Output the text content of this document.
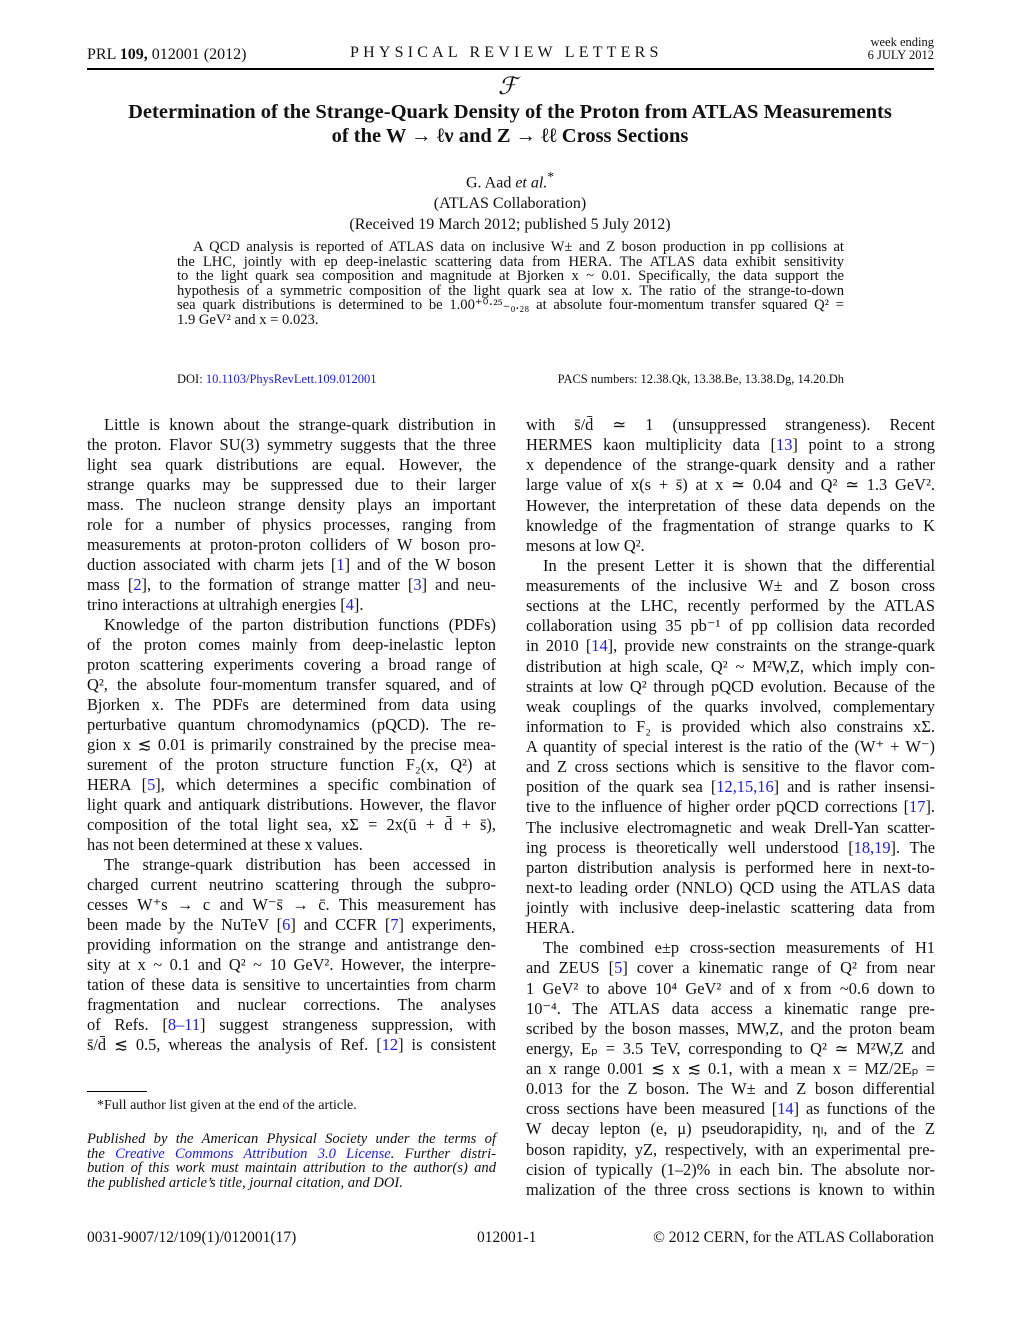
PRL 109, 012001 (2012)	PHYSICAL REVIEW LETTERS
week ending
6 JULY 2012
ℱ
Determination of the Strange-Quark Density of the Proton from ATLAS Measurements
of the W → ℓν and Z → ℓℓ Cross Sections
G. Aad et al.*
(ATLAS Collaboration)
(Received 19 March 2012; published 5 July 2012)
A QCD analysis is reported of ATLAS data on inclusive W± and Z boson production in pp collisions at
the LHC, jointly with ep deep-inelastic scattering data from HERA. The ATLAS data exhibit sensitivity
to the light quark sea composition and magnitude at Bjorken x ~ 0.01. Specifically, the data support the
hypothesis of a symmetric composition of the light quark sea at low x. The ratio of the strange-to-down
sea quark distributions is determined to be 1.00⁺⁰·²⁵₋₀.₂₈ at absolute four-momentum transfer squared Q² =
1.9 GeV² and x = 0.023.
DOI: 10.1103/PhysRevLett.109.012001	PACS numbers: 12.38.Qk, 13.38.Be, 13.38.Dg, 14.20.Dh
Little is known about the strange-quark distribution in
the proton. Flavor SU(3) symmetry suggests that the three
light sea quark distributions are equal. However, the
strange quarks may be suppressed due to their larger
mass. The nucleon strange density plays an important
role for a number of physics processes, ranging from
measurements at proton-proton colliders of W boson pro-
duction associated with charm jets [1] and of the W boson
mass [2], to the formation of strange matter [3] and neu-
trino interactions at ultrahigh energies [4].
Knowledge of the parton distribution functions (PDFs)
of the proton comes mainly from deep-inelastic lepton
proton scattering experiments covering a broad range of
Q², the absolute four-momentum transfer squared, and of
Bjorken x. The PDFs are determined from data using
perturbative quantum chromodynamics (pQCD). The re-
gion x ≲ 0.01 is primarily constrained by the precise mea-
surement of the proton structure function F₂(x, Q²) at
HERA [5], which determines a specific combination of
light quark and antiquark distributions. However, the flavor
composition of the total light sea, xΣ = 2x(ū + d̄ + s̄),
has not been determined at these x values.
The strange-quark distribution has been accessed in
charged current neutrino scattering through the subpro-
cesses W⁺s → c and W⁻s̄ → c̄. This measurement has
been made by the NuTeV [6] and CCFR [7] experiments,
providing information on the strange and antistrange den-
sity at x ~ 0.1 and Q² ~ 10 GeV². However, the interpre-
tation of these data is sensitive to uncertainties from charm
fragmentation and nuclear corrections. The analyses
of Refs. [8–11] suggest strangeness suppression, with
s̄/d̄ ≲ 0.5, whereas the analysis of Ref. [12] is consistent
with s̄/d̄ ≃ 1 (unsuppressed strangeness). Recent
HERMES kaon multiplicity data [13] point to a strong
x dependence of the strange-quark density and a rather
large value of x(s + s̄) at x ≃ 0.04 and Q² ≃ 1.3 GeV².
However, the interpretation of these data depends on the
knowledge of the fragmentation of strange quarks to K
mesons at low Q².
In the present Letter it is shown that the differential
measurements of the inclusive W± and Z boson cross
sections at the LHC, recently performed by the ATLAS
collaboration using 35 pb⁻¹ of pp collision data recorded
in 2010 [14], provide new constraints on the strange-quark
distribution at high scale, Q² ~ M²W,Z, which imply con-
straints at low Q² through pQCD evolution. Because of the
weak couplings of the quarks involved, complementary
information to F₂ is provided which also constrains xΣ.
A quantity of special interest is the ratio of the (W⁺ + W⁻)
and Z cross sections which is sensitive to the flavor com-
position of the quark sea [12,15,16] and is rather insensi-
tive to the influence of higher order pQCD corrections [17].
The inclusive electromagnetic and weak Drell-Yan scatter-
ing process is theoretically well understood [18,19]. The
parton distribution analysis is performed here in next-to-
next-to leading order (NNLO) QCD using the ATLAS data
jointly with inclusive deep-inelastic scattering data from
HERA.
The combined e±p cross-section measurements of H1
and ZEUS [5] cover a kinematic range of Q² from near
1 GeV² to above 10⁴ GeV² and of x from ~0.6 down to
10⁻⁴. The ATLAS data access a kinematic range pre-
scribed by the boson masses, MW,Z, and the proton beam
energy, Eₚ = 3.5 TeV, corresponding to Q² ≃ M²W,Z and
an x range 0.001 ≲ x ≲ 0.1, with a mean x = MZ/2Eₚ =
0.013 for the Z boson. The W± and Z boson differential
cross sections have been measured [14] as functions of the
W decay lepton (e, μ) pseudorapidity, ηₗ, and of the Z
boson rapidity, yZ, respectively, with an experimental pre-
cision of typically (1–2)% in each bin. The absolute nor-
malization of the three cross sections is known to within
*Full author list given at the end of the article.
Published by the American Physical Society under the terms of
the Creative Commons Attribution 3.0 License. Further distri-
bution of this work must maintain attribution to the author(s) and
the published article’s title, journal citation, and DOI.
0031-9007/12/109(1)/012001(17)	012001-1	© 2012 CERN, for the ATLAS Collaboration
